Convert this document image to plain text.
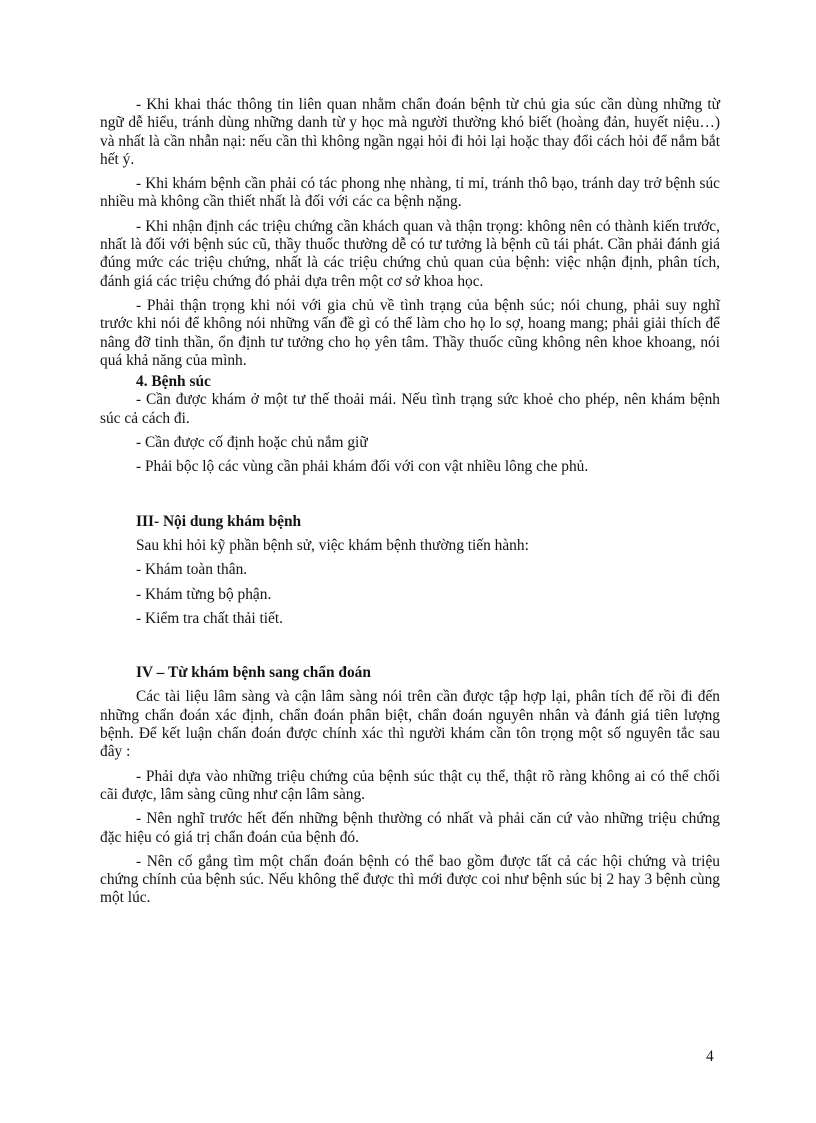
- Khi khai thác thông tin liên quan nhằm chẩn đoán bệnh từ chủ gia súc cần dùng những từ ngữ dễ hiểu, tránh dùng những danh từ y học mà người thường khó biết (hoàng đản, huyết niệu…) và nhất là cần nhẫn nại: nếu cần thì không ngần ngại hỏi đi hỏi lại hoặc thay đổi cách hỏi để nắm bắt hết ý.

- Khi khám bệnh cần phải có tác phong nhẹ nhàng, tỉ mỉ, tránh thô bạo, tránh day trở bệnh súc nhiều mà không cần thiết nhất là đối với các ca bệnh nặng.

- Khi nhận định các triệu chứng cần khách quan và thận trọng: không nên có thành kiến trước, nhất là đối với bệnh súc cũ, thầy thuốc thường dễ có tư tưởng là bệnh cũ tái phát. Cần phải đánh giá đúng mức các triệu chứng, nhất là các triệu chứng chủ quan của bệnh: việc nhận định, phân tích, đánh giá các triệu chứng đó phải dựa trên một cơ sở khoa học.

- Phải thận trọng khi nói với gia chủ về tình trạng của bệnh súc; nói chung, phải suy nghĩ trước khi nói để không nói những vấn đề gì có thể làm cho họ lo sợ, hoang mang; phải giải thích để nâng đỡ tinh thần, ổn định tư tưởng cho họ yên tâm. Thầy thuốc cũng không nên khoe khoang, nói quá khả năng của mình.

4. Bệnh súc

- Cần được khám ở một tư thế thoải mái. Nếu tình trạng sức khoẻ cho phép, nên khám bệnh súc cả cách đi.

- Cần được cố định hoặc chủ nắm giữ

- Phải bộc lộ các vùng cần phải khám đối với con vật nhiều lông che phủ.

III- Nội dung khám bệnh

Sau khi hỏi kỹ phần bệnh sử, việc khám bệnh thường tiến hành:

- Khám toàn thân.

- Khám từng bộ phận.

- Kiểm tra chất thải tiết.

IV – Từ khám bệnh sang chẩn đoán

Các tài liệu lâm sàng và cận lâm sàng nói trên cần được tập hợp lại, phân tích để rồi đi đến những chẩn đoán xác định, chẩn đoán phân biệt, chẩn đoán nguyên nhân và đánh giá tiên lượng bệnh. Để kết luận chẩn đoán được chính xác thì người khám cần tôn trọng một số nguyên tắc sau đây :

- Phải dựa vào những triệu chứng của bệnh súc thật cụ thể, thật rõ ràng không ai có thể chối cãi được, lâm sàng cũng như cận lâm sàng.

- Nên nghĩ trước hết đến những bệnh thường có nhất và phải căn cứ vào những triệu chứng đặc hiệu có giá trị chẩn đoán của bệnh đó.

- Nên cố gắng tìm một chẩn đoán bệnh có thể bao gồm được tất cả các hội chứng và triệu chứng chính của bệnh súc. Nếu không thể được thì mới được coi như bệnh súc bị 2 hay 3 bệnh cùng một lúc.

4
